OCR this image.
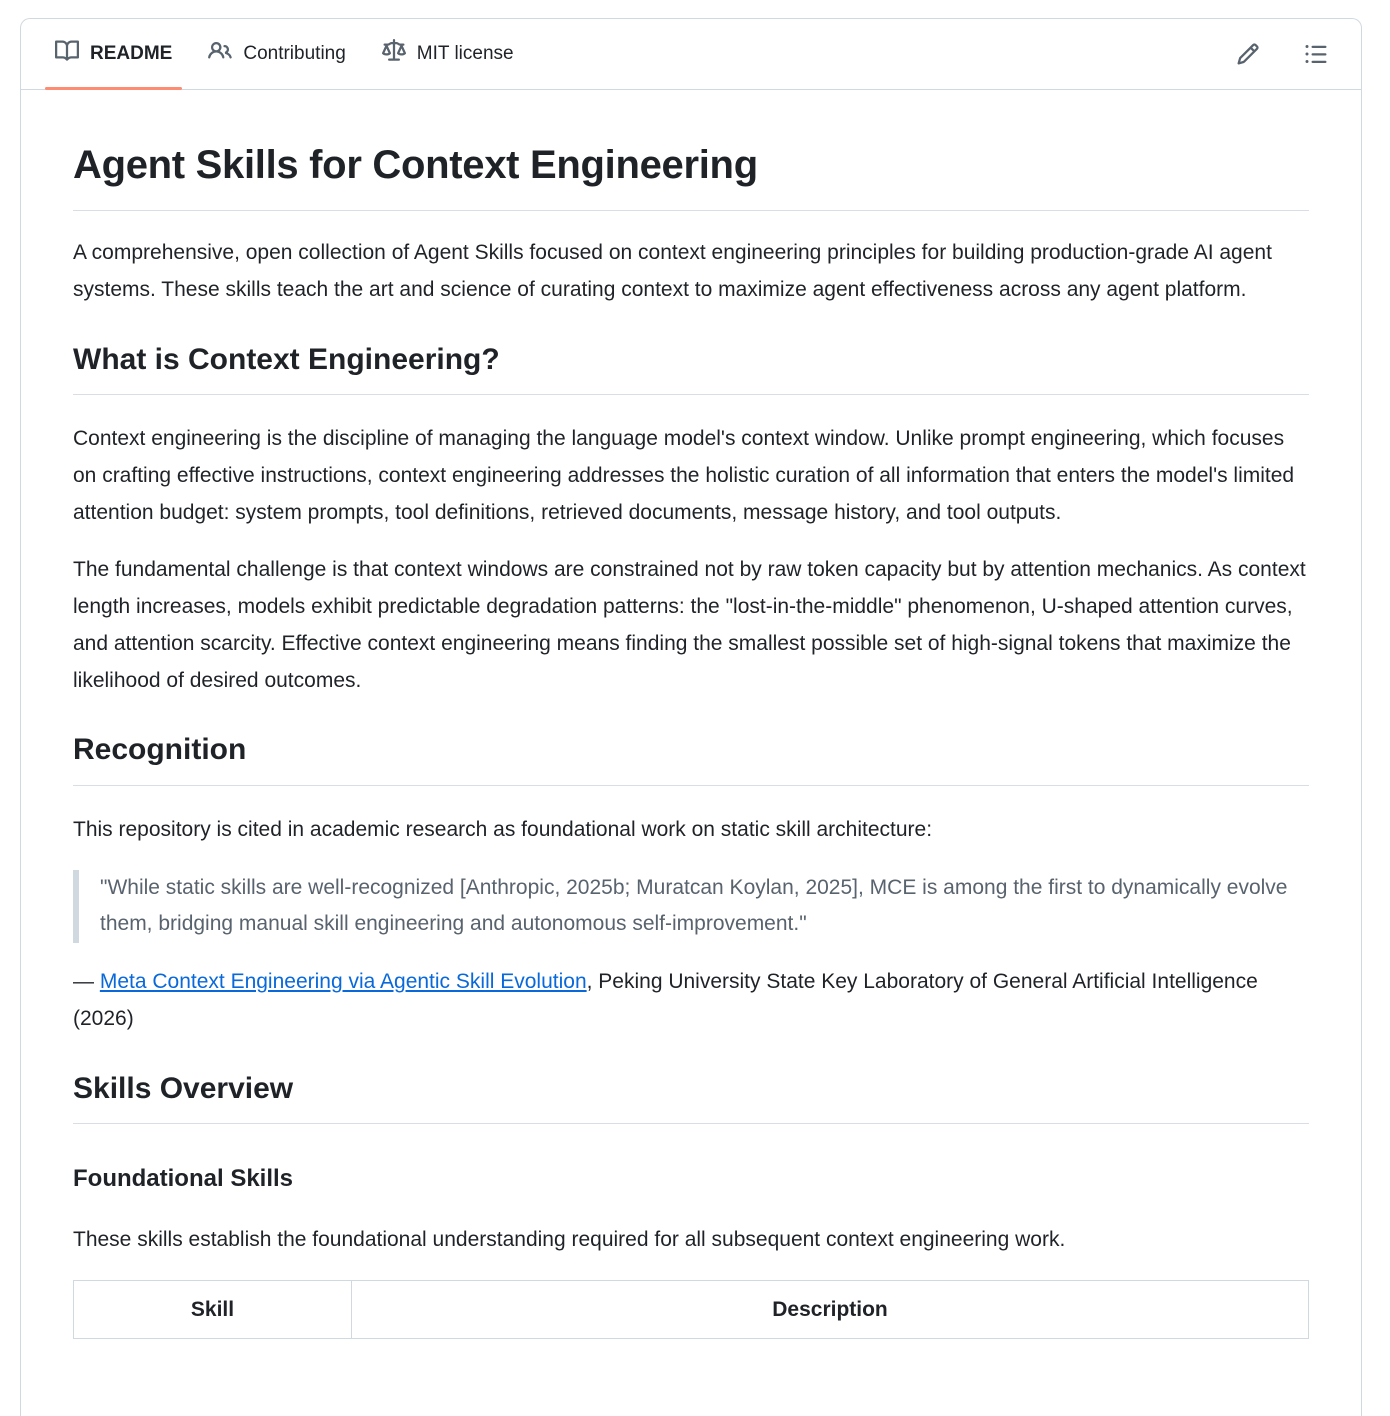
README	Contributing	MIT license
Agent Skills for Context Engineering

A comprehensive, open collection of Agent Skills focused on context engineering principles for building production-grade AI agent systems. These skills teach the art and science of curating context to maximize agent effectiveness across any agent platform.

What is Context Engineering?

Context engineering is the discipline of managing the language model's context window. Unlike prompt engineering, which focuses on crafting effective instructions, context engineering addresses the holistic curation of all information that enters the model's limited attention budget: system prompts, tool definitions, retrieved documents, message history, and tool outputs.

The fundamental challenge is that context windows are constrained not by raw token capacity but by attention mechanics. As context length increases, models exhibit predictable degradation patterns: the "lost-in-the-middle" phenomenon, U-shaped attention curves, and attention scarcity. Effective context engineering means finding the smallest possible set of high-signal tokens that maximize the likelihood of desired outcomes.

Recognition

This repository is cited in academic research as foundational work on static skill architecture:

"While static skills are well-recognized [Anthropic, 2025b; Muratcan Koylan, 2025], MCE is among the first to dynamically evolve them, bridging manual skill engineering and autonomous self-improvement."

— Meta Context Engineering via Agentic Skill Evolution, Peking University State Key Laboratory of General Artificial Intelligence (2026)

Skills Overview
Foundational Skills

These skills establish the foundational understanding required for all subsequent context engineering work.

Skill	Description
